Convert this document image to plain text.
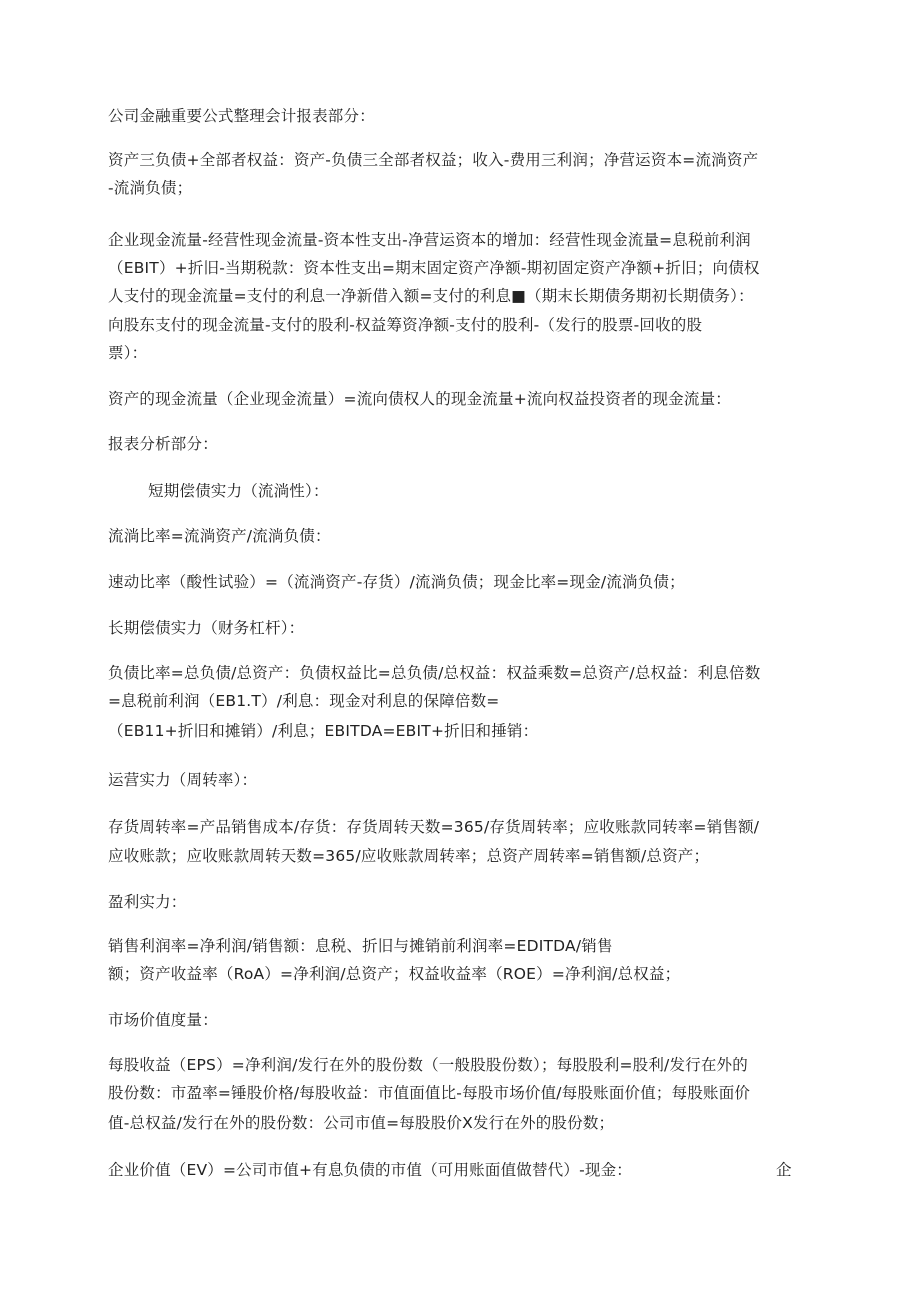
公司金融重要公式整理会计报表部分：
资产三负债+全部者权益：资产-负债三全部者权益；收入-费用三利润；净营运资本=流淌资产
-流淌负债；
企业现金流量-经营性现金流量-资本性支出-净营运资本的增加：经营性现金流量=息税前利润
（EBIT）+折旧-当期税款：资本性支出=期末固定资产净额-期初固定资产净额+折旧；向债权
人支付的现金流量=支付的利息一净新借入额=支付的利息■（期末长期债务期初长期债务）：
向股东支付的现金流量-支付的股利-权益筹资净额-支付的股利-（发行的股票-回收的股
票）：
资产的现金流量（企业现金流量）=流向债权人的现金流量+流向权益投资者的现金流量：
报表分析部分：
短期偿债实力（流淌性）：
流淌比率=流淌资产/流淌负债：
速动比率（酸性试验）=（流淌资产-存货）/流淌负债；现金比率=现金/流淌负债；
长期偿债实力（财务杠杆）：
负债比率=总负债/总资产：负债权益比=总负债/总权益：权益乘数=总资产/总权益：利息倍数
=息税前利润（EB1.T）/利息：现金对利息的保障倍数=
（EB11+折旧和摊销）/利息；EBITDA=EBIT+折旧和捶销：
运营实力（周转率）：
存货周转率=产品销售成本/存货：存货周转天数=365/存货周转率；应收账款同转率=销售额/
应收账款；应收账款周转天数=365/应收账款周转率；总资产周转率=销售额/总资产；
盈利实力：
销售利润率=净利润/销售额：息税、折旧与摊销前利润率=EDITDA/销售
额；资产收益率（RoA）=净利润/总资产；权益收益率（ROE）=净利润/总权益；
市场价值度量：
每股收益（EPS）=净利润/发行在外的股份数（一般股股份数）；每股股利=股利/发行在外的
股份数：市盈率=锤股价格/每股收益：市值面值比-每股市场价值/每股账面价值；每股账面价
值-总权益/发行在外的股份数：公司市值=每股股价X发行在外的股份数；
企业价值（EV）=公司市值+有息负债的市值（可用账面值做替代）-现金：	企
